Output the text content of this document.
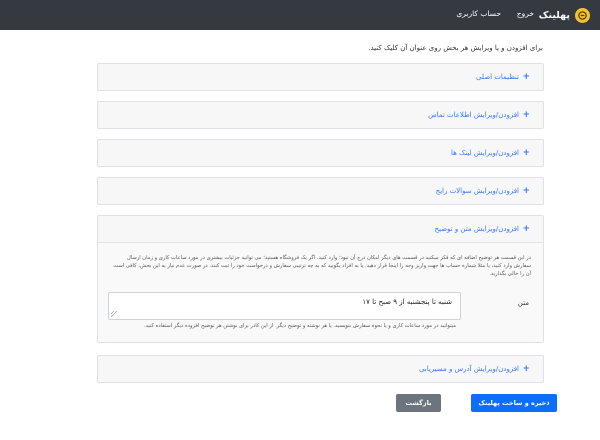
پهلینک
خروج
حساب کاربری
برای افزودن و یا ویرایش هر بخش روی عنوان آن کلیک کنید.
+
تنظیمات اصلی
+
افزودن/ویرایش اطلاعات تماس
+
افزودن/ویرایش لینک ها
+
افزودن/ویرایش سوالات رایج
+
افزودن/ویرایش متن و توضیح
در این قسمت هر توضیح اضافه ای که فکر میکنید در قسمت های دیگر امکان درج آن نبود؛ وارد کنید. اگر یک فروشگاه هستید؛ می توانید جزئیات بیشتری در مورد ساعات کاری و زمان ارسال سفارش وارد کنید، یا مثلا شماره حساب ها جهت واریز وجه را اینجا قرار دهید. یا به افراد بگویید که به چه ترتیبی سفارش و درخواست خود را ثبت کنند. در صورت عدم نیاز به این بخش، کافی است آن را خالی بگذارید.
متن
شنبه تا پنجشنبه از ۹ صبح تا ۱۷
میتوانید در مورد ساعات کاری و یا نحوه سفارش بنویسید. یا هر نوشته و توضیح دیگر. از این کادر برای نوشتن هر توضیح افزوده دیگر استفاده کنید.
+
افزودن/ویرایش آدرس و مسیریابی
ذخیره و ساخت پهلینک
بازگشت
